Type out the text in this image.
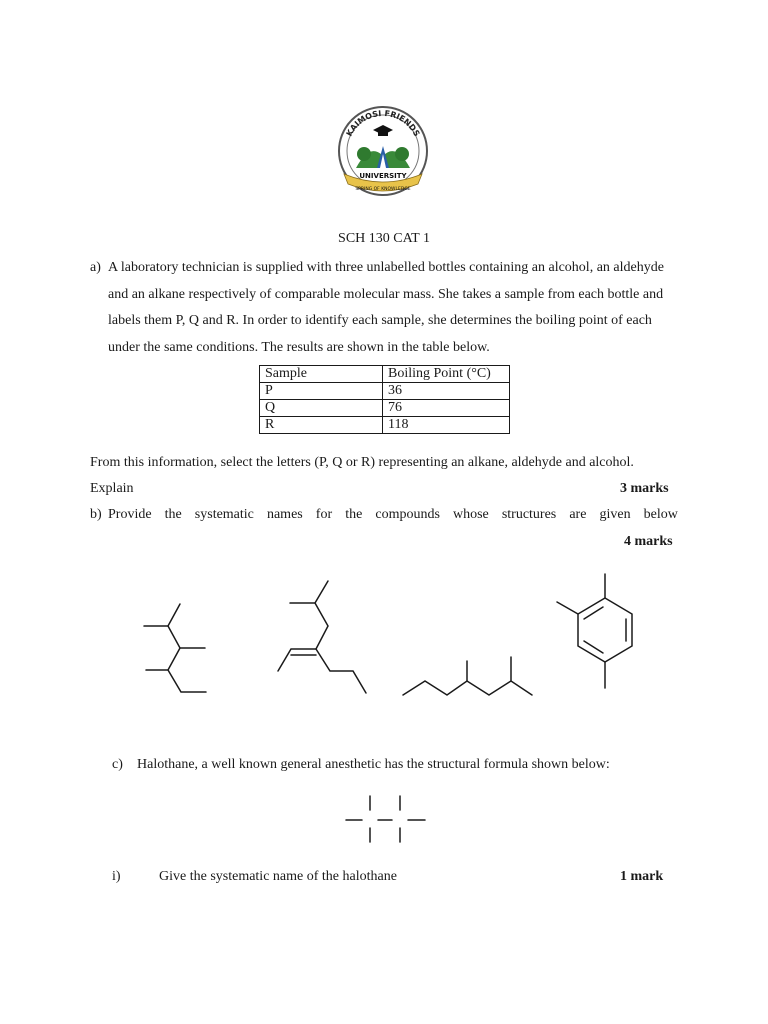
KAIMOSI FRIENDS
UNIVERSITY
SPRING OF KNOWLEDGE
SCH 130 CAT 1
a) A laboratory technician is supplied with three unlabelled bottles containing an alcohol, an aldehyde
and an alkane respectively of comparable molecular mass. She takes a sample from each bottle and
labels them P, Q and R. In order to identify each sample, she determines the boiling point of each
under the same conditions. The results are shown in the table below.
Sample	Boiling Point (°C)
P	36
Q	76
R	118
From this information, select the letters (P, Q or R) representing an alkane, aldehyde and alcohol.
Explain	3 marks
b) Provide the systematic names for the compounds whose structures are given below
4 marks
c) Halothane, a well known general anesthetic has the structural formula shown below:
i)	Give the systematic name of the halothane	1 mark
